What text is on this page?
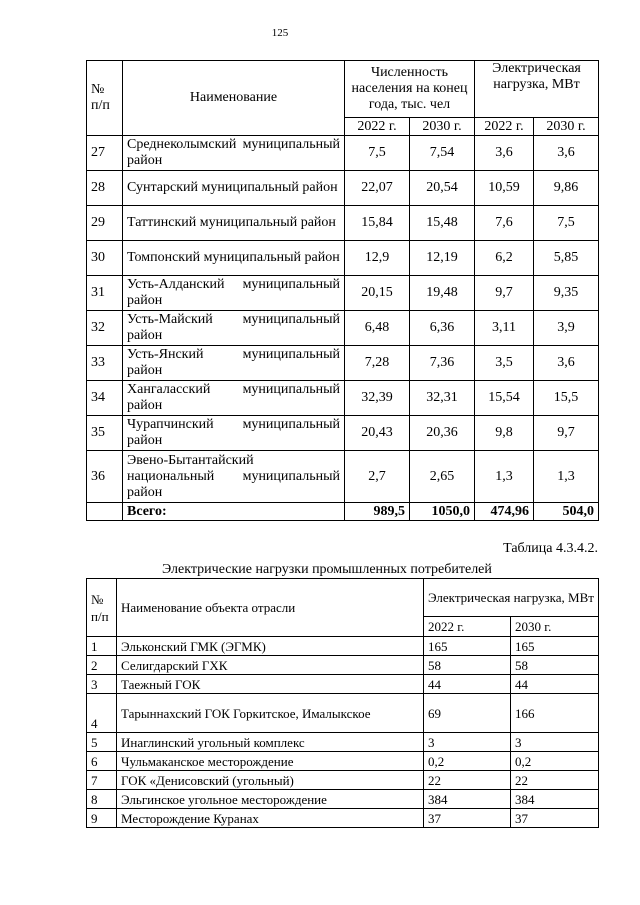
125
№ п/п	Наименование	Численность населения на конец года, тыс. чел		Электрическая нагрузка, МВт	
		2022 г.	2030 г.	2022 г.	2030 г.
27	Среднеколымский муниципальный район	7,5	7,54	3,6	3,6
28	Сунтарский муниципальный район	22,07	20,54	10,59	9,86
29	Таттинский муниципальный район	15,84	15,48	7,6	7,5
30	Томпонский муниципальный район	12,9	12,19	6,2	5,85
31	Усть-Алданский муниципальный район	20,15	19,48	9,7	9,35
32	Усть-Майский муниципальный район	6,48	6,36	3,11	3,9
33	Усть-Янский муниципальный район	7,28	7,36	3,5	3,6
34	Хангаласский муниципальный район	32,39	32,31	15,54	15,5
35	Чурапчинский муниципальный район	20,43	20,36	9,8	9,7
36	Эвено-Бытантайский национальный муниципальный район	2,7	2,65	1,3	1,3
	Всего:	989,5	1050,0	474,96	504,0
Таблица 4.3.4.2.
Электрические нагрузки промышленных потребителей
№ п/п	Наименование объекта отрасли	Электрическая нагрузка, МВт	
		2022 г.	2030 г.
1	Эльконский ГМК (ЭГМК)	165	165
2	Селигдарский ГХК	58	58
3	Таежный ГОК	44	44
4	Тарыннахский ГОК Горкитское, Ималыкское	69	166
5	Инаглинский угольный комплекс	3	3
6	Чульмаканское месторождение	0,2	0,2
7	ГОК «Денисовский (угольный)	22	22
8	Эльгинское угольное месторождение	384	384
9	Месторождение Куранах	37	37
